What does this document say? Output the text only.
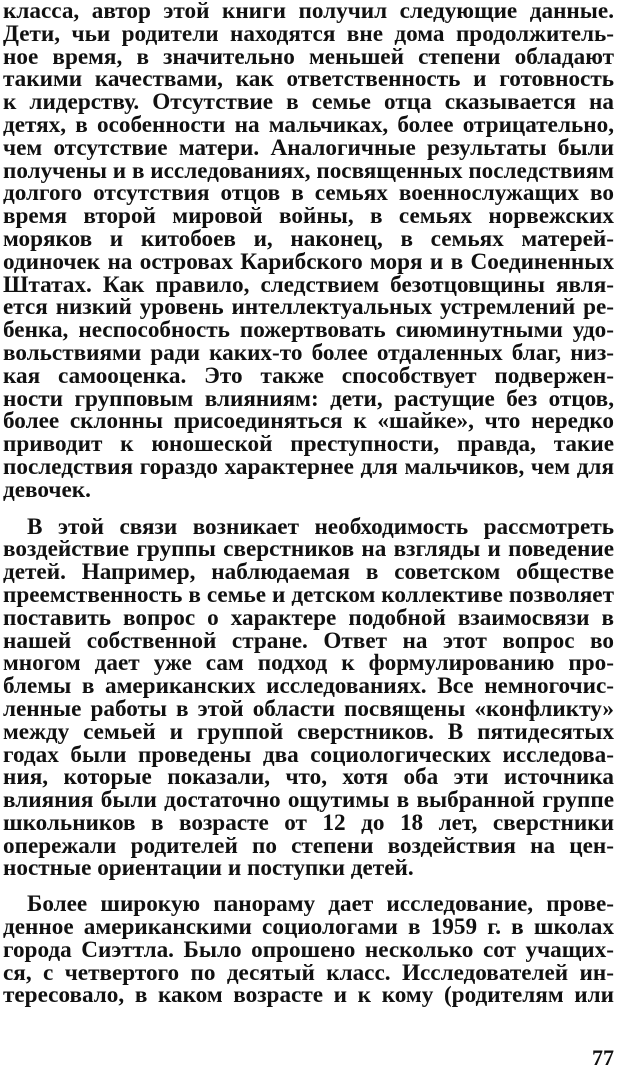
класса, автор этой книги получил следующие данные.
Дети, чьи родители находятся вне дома продолжитель-
ное время, в значительно меньшей степени обладают
такими качествами, как ответственность и готовность
к лидерству. Отсутствие в семье отца сказывается на
детях, в особенности на мальчиках, более отрицательно,
чем отсутствие матери. Аналогичные результаты были
получены и в исследованиях, посвященных последствиям
долгого отсутствия отцов в семьях военнослужащих во
время второй мировой войны, в семьях норвежских
моряков и китобоев и, наконец, в семьях матерей-
одиночек на островах Карибского моря и в Соединенных
Штатах. Как правило, следствием безотцовщины явля-
ется низкий уровень интеллектуальных устремлений ре-
бенка, неспособность пожертвовать сиюминутными удо-
вольствиями ради каких-то более отдаленных благ, низ-
кая самооценка. Это также способствует подвержен-
ности групповым влияниям: дети, растущие без отцов,
более склонны присоединяться к «шайке», что нередко
приводит к юношеской преступности, правда, такие
последствия гораздо характернее для мальчиков, чем для
девочек.
В этой связи возникает необходимость рассмотреть
воздействие группы сверстников на взгляды и поведение
детей. Например, наблюдаемая в советском обществе
преемственность в семье и детском коллективе позволяет
поставить вопрос о характере подобной взаимосвязи в
нашей собственной стране. Ответ на этот вопрос во
многом дает уже сам подход к формулированию про-
блемы в американских исследованиях. Все немногочис-
ленные работы в этой области посвящены «конфликту»
между семьей и группой сверстников. В пятидесятых
годах были проведены два социологических исследова-
ния, которые показали, что, хотя оба эти источника
влияния были достаточно ощутимы в выбранной группе
школьников в возрасте от 12 до 18 лет, сверстники
опережали родителей по степени воздействия на цен-
ностные ориентации и поступки детей.
Более широкую панораму дает исследование, прове-
денное американскими социологами в 1959 г. в школах
города Сиэттла. Было опрошено несколько сот учащих-
ся, с четвертого по десятый класс. Исследователей ин-
тересовало, в каком возрасте и к кому (родителям или
77
